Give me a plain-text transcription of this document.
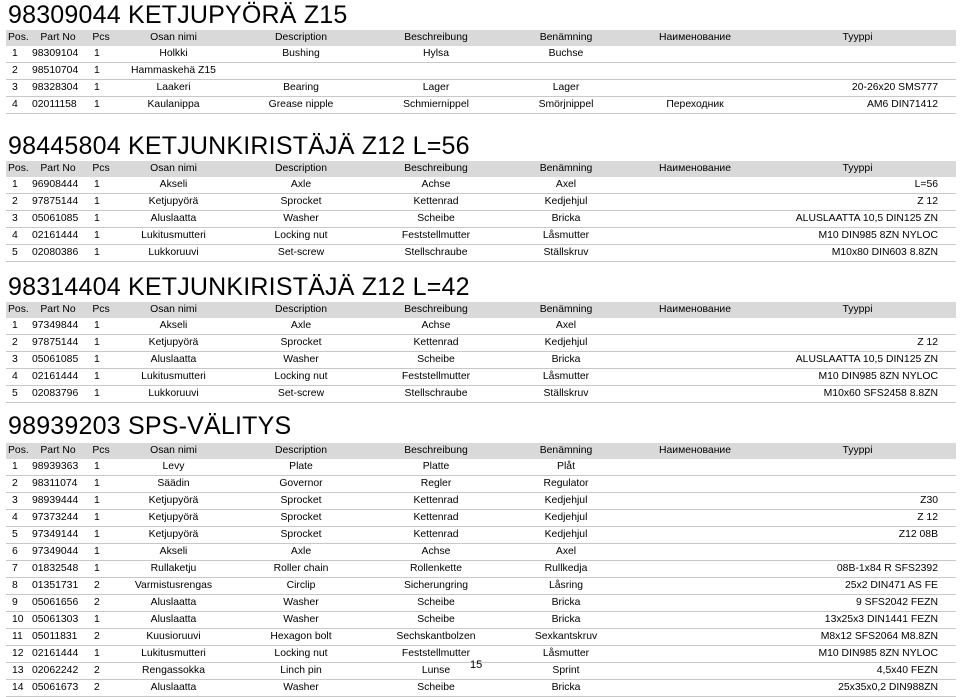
98309044 KETJUPYÖRÄ Z15
Pos.	Part No	Pcs	Osan nimi	Description	Beschreibung	Benämning	Наименование	Tyyppi
1	98309104	1	Holkki	Bushing	Hylsa	Buchse		
2	98510704	1	Hammaskehä Z15					
3	98328304	1	Laakeri	Bearing	Lager	Lager		20-26x20 SMS777
4	02011158	1	Kaulanippa	Grease nipple	Schmiernippel	Smörjnippel	Переходник	AM6 DIN71412
98445804 KETJUNKIRISTÄJÄ Z12 L=56
Pos.	Part No	Pcs	Osan nimi	Description	Beschreibung	Benämning	Наименование	Tyyppi
1	96908444	1	Akseli	Axle	Achse	Axel		L=56
2	97875144	1	Ketjupyörä	Sprocket	Kettenrad	Kedjehjul		Z 12
3	05061085	1	Aluslaatta	Washer	Scheibe	Bricka		ALUSLAATTA 10,5 DIN125 ZN
4	02161444	1	Lukitusmutteri	Locking nut	Feststellmutter	Låsmutter		M10 DIN985 8ZN NYLOC
5	02080386	1	Lukkoruuvi	Set-screw	Stellschraube	Ställskruv		M10x80 DIN603 8.8ZN
98314404 KETJUNKIRISTÄJÄ Z12 L=42
Pos.	Part No	Pcs	Osan nimi	Description	Beschreibung	Benämning	Наименование	Tyyppi
1	97349844	1	Akseli	Axle	Achse	Axel		
2	97875144	1	Ketjupyörä	Sprocket	Kettenrad	Kedjehjul		Z 12
3	05061085	1	Aluslaatta	Washer	Scheibe	Bricka		ALUSLAATTA 10,5 DIN125 ZN
4	02161444	1	Lukitusmutteri	Locking nut	Feststellmutter	Låsmutter		M10 DIN985 8ZN NYLOC
5	02083796	1	Lukkoruuvi	Set-screw	Stellschraube	Ställskruv		M10x60 SFS2458 8.8ZN
98939203 SPS-VÄLITYS
Pos.	Part No	Pcs	Osan nimi	Description	Beschreibung	Benämning	Наименование	Tyyppi
1	98939363	1	Levy	Plate	Platte	Plåt		
2	98311074	1	Säädin	Governor	Regler	Regulator		
3	98939444	1	Ketjupyörä	Sprocket	Kettenrad	Kedjehjul		Z30
4	97373244	1	Ketjupyörä	Sprocket	Kettenrad	Kedjehjul		Z 12
5	97349144	1	Ketjupyörä	Sprocket	Kettenrad	Kedjehjul		Z12 08B
6	97349044	1	Akseli	Axle	Achse	Axel		
7	01832548	1	Rullaketju	Roller chain	Rollenkette	Rullkedja		08B-1x84 R SFS2392
8	01351731	2	Varmistusrengas	Circlip	Sicherungring	Låsring		25x2 DIN471 AS FE
9	05061656	2	Aluslaatta	Washer	Scheibe	Bricka		9 SFS2042 FEZN
10	05061303	1	Aluslaatta	Washer	Scheibe	Bricka		13x25x3 DIN1441 FEZN
11	05011831	2	Kuusioruuvi	Hexagon bolt	Sechskantbolzen	Sexkantskruv		M8x12 SFS2064 M8.8ZN
12	02161444	1	Lukitusmutteri	Locking nut	Feststellmutter	Låsmutter		M10 DIN985 8ZN NYLOC
13	02062242	2	Rengassokka	Linch pin	Lunse	Sprint		4,5x40 FEZN
14	05061673	2	Aluslaatta	Washer	Scheibe	Bricka		25x35x0,2 DIN988ZN
15
